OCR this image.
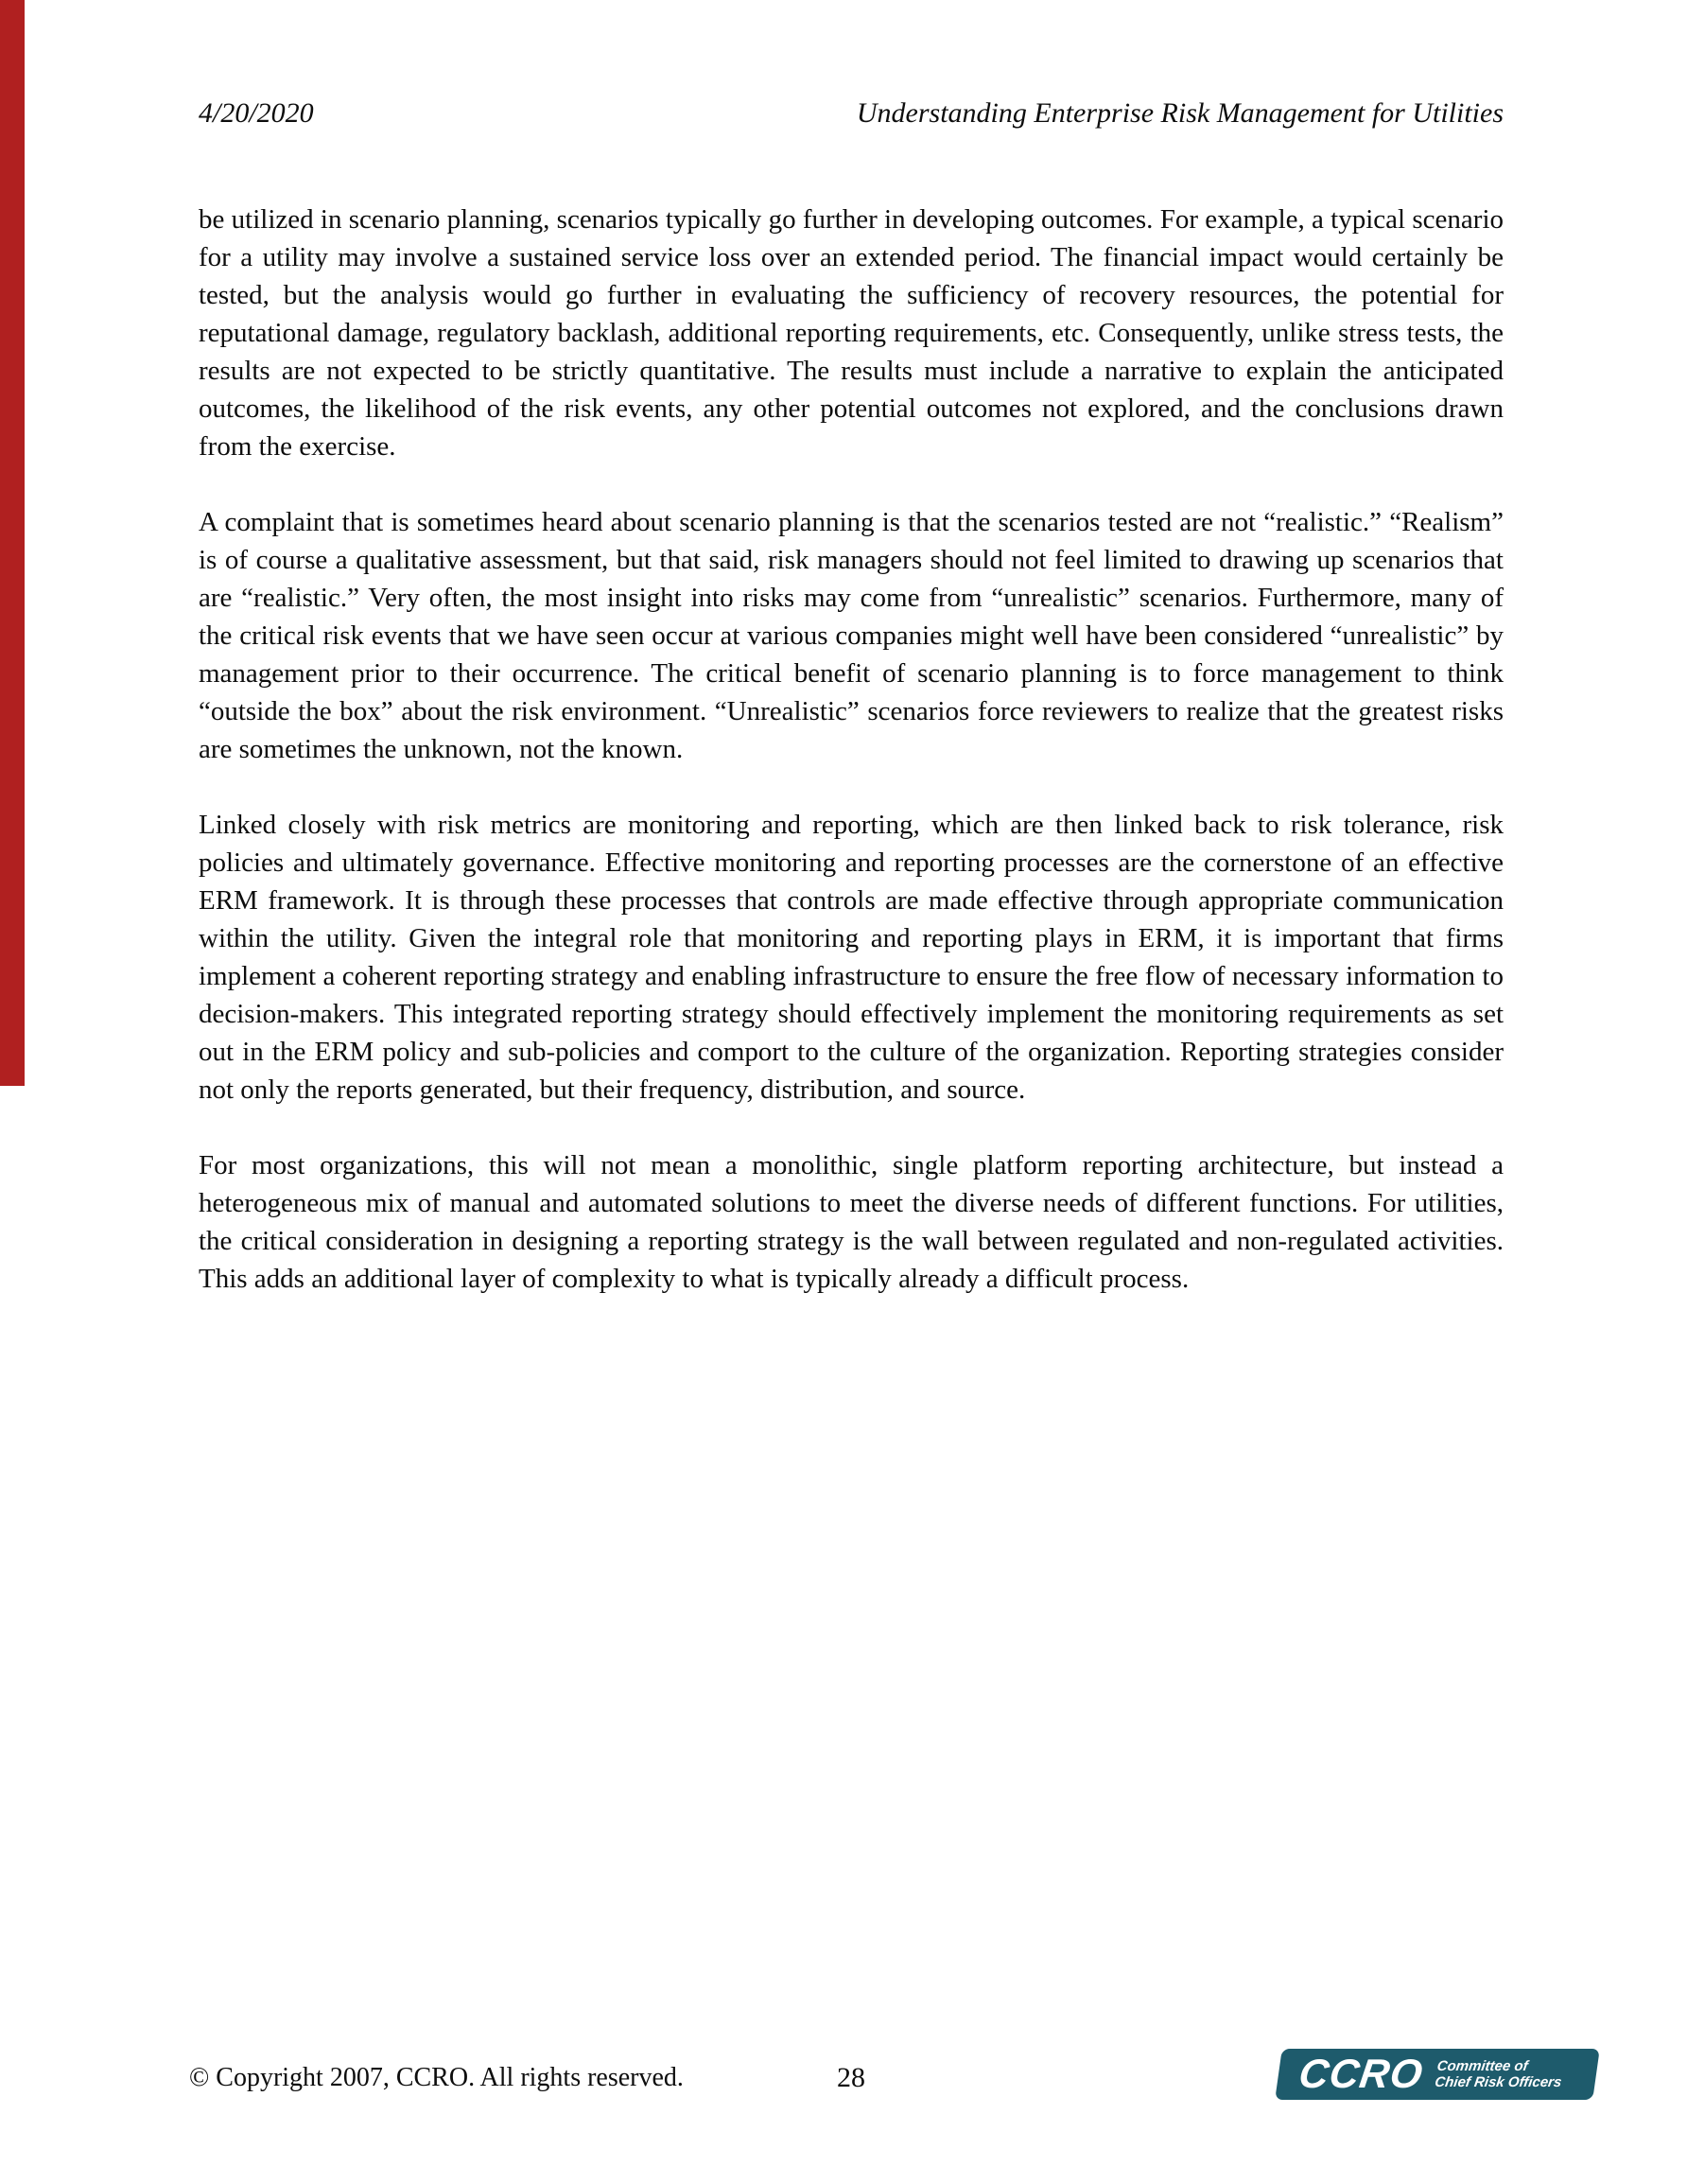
4/20/2020	Understanding Enterprise Risk Management for Utilities

be utilized in scenario planning, scenarios typically go further in developing outcomes. For example, a typical scenario for a utility may involve a sustained service loss over an extended period. The financial impact would certainly be tested, but the analysis would go further in evaluating the sufficiency of recovery resources, the potential for reputational damage, regulatory backlash, additional reporting requirements, etc. Consequently, unlike stress tests, the results are not expected to be strictly quantitative. The results must include a narrative to explain the anticipated outcomes, the likelihood of the risk events, any other potential outcomes not explored, and the conclusions drawn from the exercise.

A complaint that is sometimes heard about scenario planning is that the scenarios tested are not “realistic.” “Realism” is of course a qualitative assessment, but that said, risk managers should not feel limited to drawing up scenarios that are “realistic.” Very often, the most insight into risks may come from “unrealistic” scenarios. Furthermore, many of the critical risk events that we have seen occur at various companies might well have been considered “unrealistic” by management prior to their occurrence. The critical benefit of scenario planning is to force management to think “outside the box” about the risk environment. “Unrealistic” scenarios force reviewers to realize that the greatest risks are sometimes the unknown, not the known.

Linked closely with risk metrics are monitoring and reporting, which are then linked back to risk tolerance, risk policies and ultimately governance. Effective monitoring and reporting processes are the cornerstone of an effective ERM framework. It is through these processes that controls are made effective through appropriate communication within the utility. Given the integral role that monitoring and reporting plays in ERM, it is important that firms implement a coherent reporting strategy and enabling infrastructure to ensure the free flow of necessary information to decision-makers. This integrated reporting strategy should effectively implement the monitoring requirements as set out in the ERM policy and sub-policies and comport to the culture of the organization. Reporting strategies consider not only the reports generated, but their frequency, distribution, and source.

For most organizations, this will not mean a monolithic, single platform reporting architecture, but instead a heterogeneous mix of manual and automated solutions to meet the diverse needs of different functions. For utilities, the critical consideration in designing a reporting strategy is the wall between regulated and non-regulated activities. This adds an additional layer of complexity to what is typically already a difficult process.

© Copyright 2007, CCRO. All rights reserved.	28	CCRO Committee of
Chief Risk Officers
